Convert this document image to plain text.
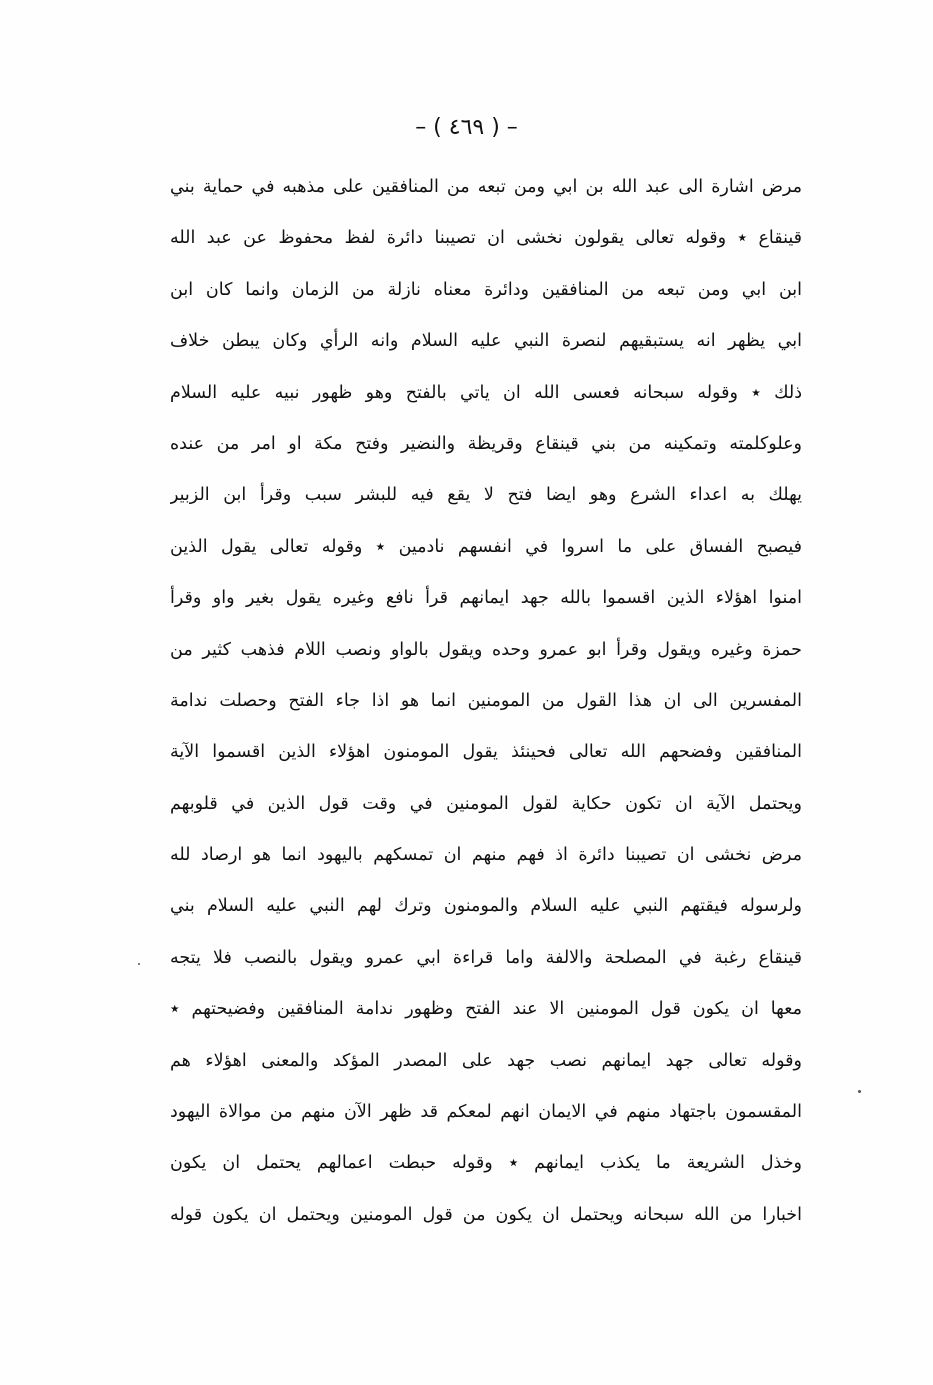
– ( ٤٦٩ ) –
مرض اشارة الى عبد الله بن ابي ومن تبعه من المنافقين على مذهبه في حماية بني
قينقاع ٭ وقوله تعالى يقولون نخشى ان تصيبنا دائرة لفظ محفوظ عن عبد الله
ابن ابي ومن تبعه من المنافقين ودائرة معناه نازلة من الزمان وانما كان ابن
ابي يظهر انه يستبقيهم لنصرة النبي عليه السلام وانه الرأي وكان يبطن خلاف
ذلك ٭ وقوله سبحانه فعسى الله ان ياتي بالفتح وهو ظهور نبيه عليه السلام
وعلوكلمته وتمكينه من بني قينقاع وقريظة والنضير وفتح مكة او امر من عنده
يهلك به اعداء الشرع وهو ايضا فتح لا يقع فيه للبشر سبب وقرأ ابن الزبير
فيصبح الفساق على ما اسروا في انفسهم نادمين ٭ وقوله تعالى يقول الذين
امنوا اهؤلاء الذين اقسموا بالله جهد ايمانهم قرأ نافع وغيره يقول بغير واو وقرأ
حمزة وغيره ويقول وقرأ ابو عمرو وحده ويقول بالواو ونصب اللام فذهب كثير من
المفسرين الى ان هذا القول من المومنين انما هو اذا جاء الفتح وحصلت ندامة
المنافقين وفضحهم الله تعالى فحينئذ يقول المومنون اهؤلاء الذين اقسموا الآية
ويحتمل الآية ان تكون حكاية لقول المومنين في وقت قول الذين في قلوبهم
مرض نخشى ان تصيبنا دائرة اذ فهم منهم ان تمسكهم باليهود انما هو ارصاد لله
ولرسوله فيقتهم النبي عليه السلام والمومنون وترك لهم النبي عليه السلام بني
قينقاع رغبة في المصلحة والالفة واما قراءة ابي عمرو ويقول بالنصب فلا يتجه
معها ان يكون قول المومنين الا عند الفتح وظهور ندامة المنافقين وفضيحتهم ٭
وقوله تعالى جهد ايمانهم نصب جهد على المصدر المؤكد والمعنى اهؤلاء هم
المقسمون باجتهاد منهم في الايمان انهم لمعكم قد ظهر الآن منهم من موالاة اليهود
وخذل الشريعة ما يكذب ايمانهم ٭ وقوله حبطت اعمالهم يحتمل ان يكون
اخبارا من الله سبحانه ويحتمل ان يكون من قول المومنين ويحتمل ان يكون قوله
